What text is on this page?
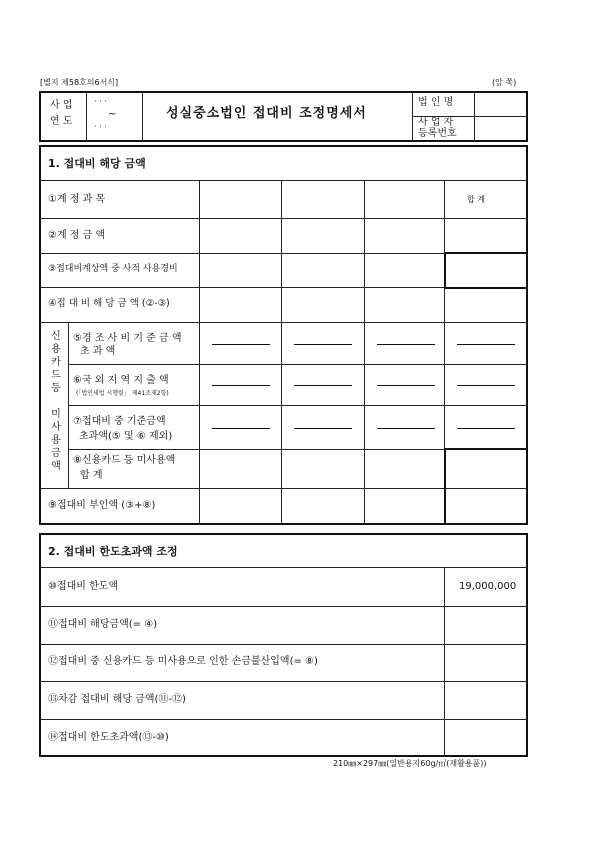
[별지 제58호의6서식]	(앞 쪽)
사 업
연 도
· · ·
~
· · ·
성실중소법인 접대비 조정명세서
법 인 명
사 업 자
등록번호
1. 접대비 해당 금액
합 계
①계 정 과 목
②계 정 금 액
③접대비계상액 중 사적 사용경비
④접 대 비 해 당 금 액 (②-③)
⑤경 조 사 비 기 준 금 액
초 과 액
⑥국 외 지 역 지 출 액
(「법인세법 시행령」 제41조제2항)
⑦접대비 중 기준금액
초과액(⑤ 및 ⑥ 제외)
⑧신용카드 등 미사용액
합 계
⑨접대비 부인액 (③+⑧)
신
용
카
드
등

미
사
용
금
액
2. 접대비 한도초과액 조정
⑩접대비 한도액	19,000,000
⑪접대비 해당금액(= ④)
⑫접대비 중 신용카드 등 미사용으로 인한 손금불산입액(= ⑧)
⑬차감 접대비 해당 금액(⑪-⑫)
⑭접대비 한도초과액(⑬-⑩)
210㎜×297㎜(일반용지60g/㎡(재활용품))
